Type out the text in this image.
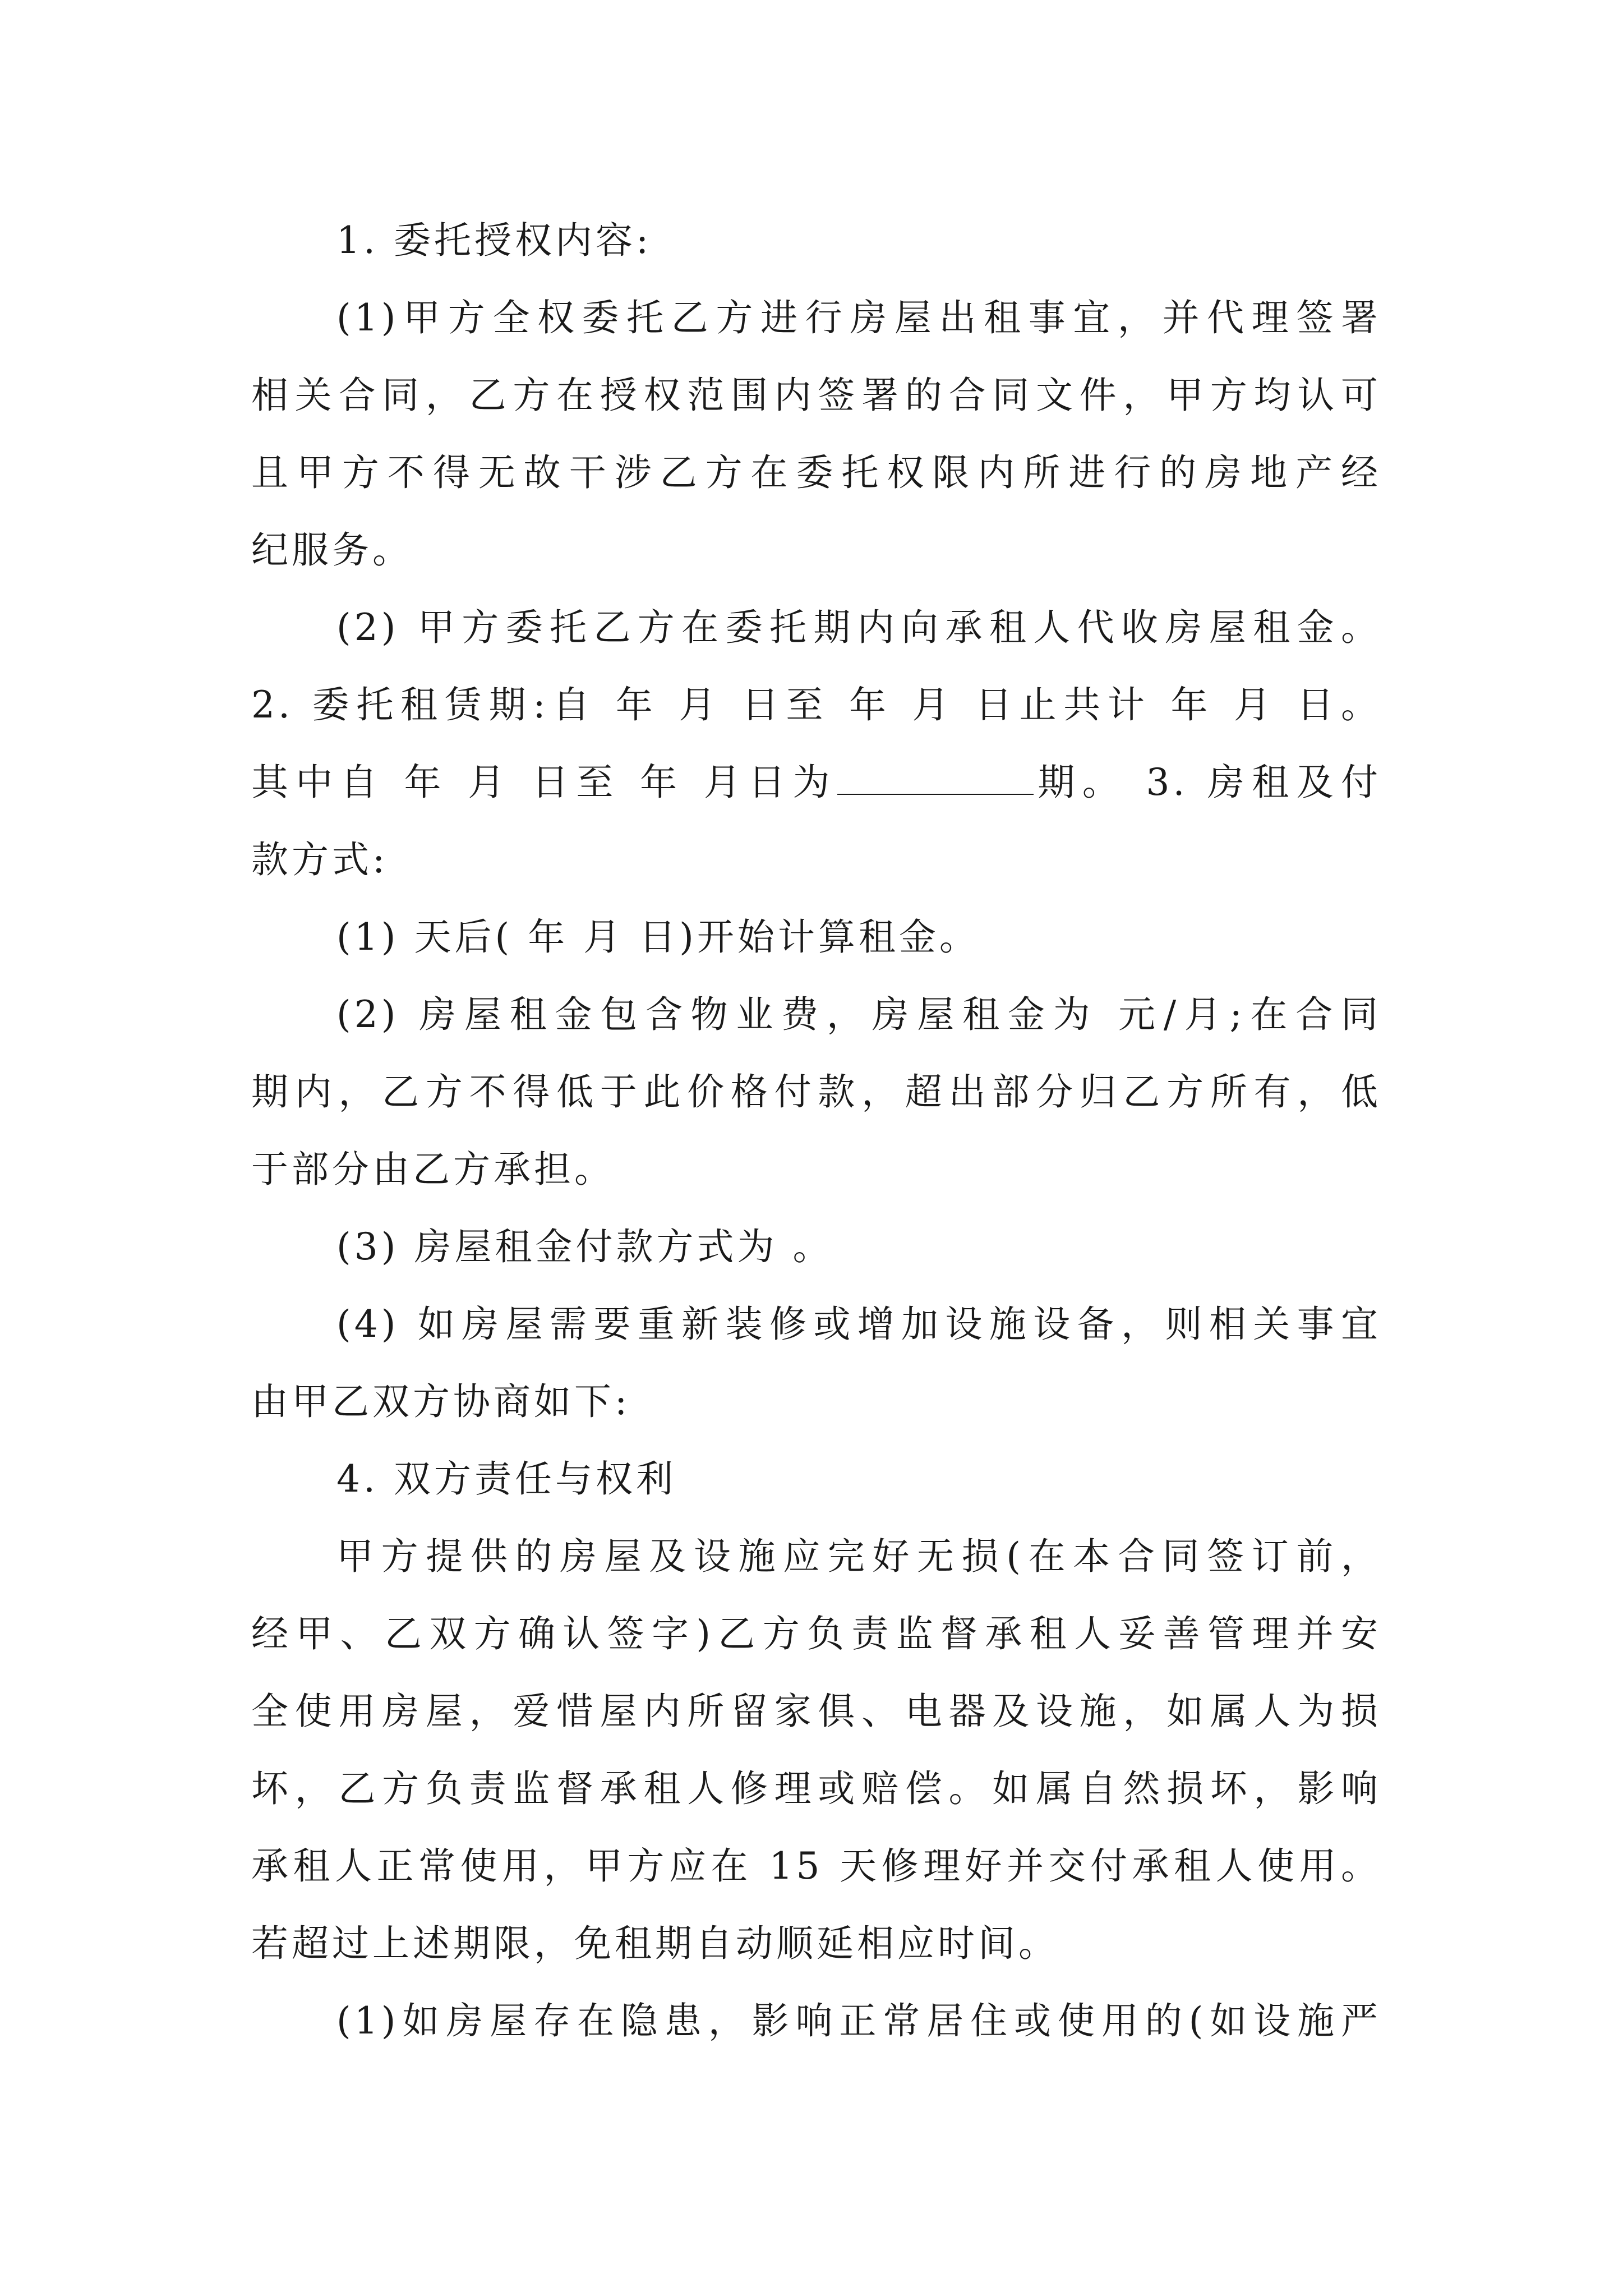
1. 委托授权内容:
(1)甲方全权委托乙方进行房屋出租事宜，并代理签署
相关合同，乙方在授权范围内签署的合同文件，甲方均认可
且甲方不得无故干涉乙方在委托权限内所进行的房地产经
纪服务。
(2) 甲方委托乙方在委托期内向承租人代收房屋租金。
2. 委托租赁期:自 年 月 日至 年 月 日止共计 年 月 日。
其中自 年 月 日至 年 月日为	期。 3. 房租及付
款方式:
(1) 天后( 年 月 日)开始计算租金。
(2) 房屋租金包含物业费，房屋租金为 元/月;在合同
期内，乙方不得低于此价格付款，超出部分归乙方所有，低
于部分由乙方承担。
(3) 房屋租金付款方式为 。
(4) 如房屋需要重新装修或增加设施设备，则相关事宜
由甲乙双方协商如下:
4. 双方责任与权利
甲方提供的房屋及设施应完好无损(在本合同签订前，
经甲、乙双方确认签字)乙方负责监督承租人妥善管理并安
全使用房屋，爱惜屋内所留家俱、电器及设施，如属人为损
坏，乙方负责监督承租人修理或赔偿。如属自然损坏，影响
承租人正常使用，甲方应在 15 天修理好并交付承租人使用。
若超过上述期限，免租期自动顺延相应时间。
(1)如房屋存在隐患，影响正常居住或使用的(如设施严
